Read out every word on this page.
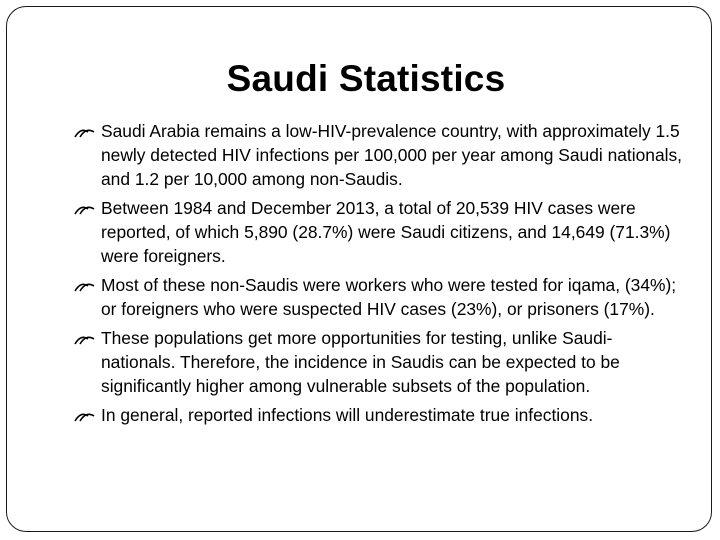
Saudi Statistics
Saudi Arabia remains a low-HIV-prevalence country, with approximately 1.5 newly detected HIV infections per 100,000 per year among Saudi nationals, and 1.2 per 10,000 among non-Saudis.
Between 1984 and December 2013, a total of 20,539 HIV cases were reported, of which 5,890 (28.7%) were Saudi citizens, and 14,649 (71.3%) were foreigners.
Most of these non-Saudis were workers who were tested for iqama, (34%); or foreigners who were suspected HIV cases (23%), or prisoners (17%).
These populations get more opportunities for testing, unlike Saudi-nationals. Therefore, the incidence in Saudis can be expected to be significantly higher among vulnerable subsets of the population.
In general, reported infections will underestimate true infections.
